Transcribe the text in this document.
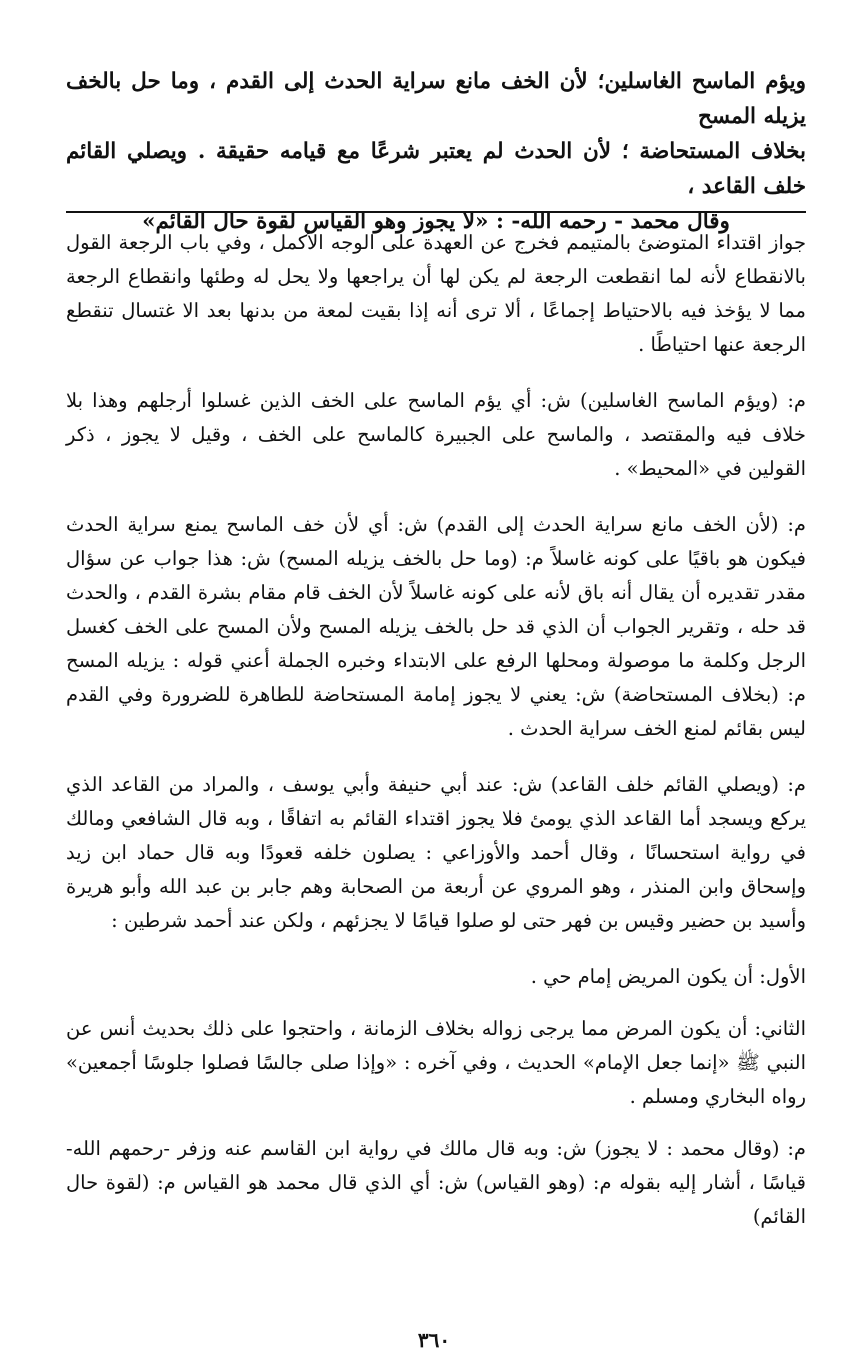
ويؤم الماسح الغاسلين؛ لأن الخف مانع سراية الحدث إلى القدم ، وما حل بالخف يزيله المسح

بخلاف المستحاضة ؛ لأن الحدث لم يعتبر شرعًا مع قيامه حقيقة . ويصلي القائم خلف القاعد ،

وقال محمد - رحمه الله- : «لا يجوز وهو القياس لقوة حال القائم»

جواز اقتداء المتوضئ بالمتيمم فخرج عن العهدة على الوجه الأكمل ، وفي باب الرجعة القول بالانقطاع لأنه لما انقطعت الرجعة لم يكن لها أن يراجعها ولا يحل له وطئها وانقطاع الرجعة مما لا يؤخذ فيه بالاحتياط إجماعًا ، ألا ترى أنه إذا بقيت لمعة من بدنها بعد الا غتسال تنقطع الرجعة عنها احتياطًا .

م: (ويؤم الماسح الغاسلين) ش: أي يؤم الماسح على الخف الذين غسلوا أرجلهم وهذا بلا خلاف فيه والمقتصد ، والماسح على الجبيرة كالماسح على الخف ، وقيل لا يجوز ، ذكر القولين في «المحيط» .

م: (لأن الخف مانع سراية الحدث إلى القدم) ش: أي لأن خف الماسح يمنع سراية الحدث فيكون هو باقيًا على كونه غاسلاً م: (وما حل بالخف يزيله المسح) ش: هذا جواب عن سؤال مقدر تقديره أن يقال أنه باق لأنه على كونه غاسلاً لأن الخف قام مقام بشرة القدم ، والحدث قد حله ، وتقرير الجواب أن الذي قد حل بالخف يزيله المسح ولأن المسح على الخف كغسل الرجل وكلمة ما موصولة ومحلها الرفع على الابتداء وخبره الجملة أعني قوله : يزيله المسح م: (بخلاف المستحاضة) ش: يعني لا يجوز إمامة المستحاضة للطاهرة للضرورة وفي القدم ليس بقائم لمنع الخف سراية الحدث .

م: (ويصلي القائم خلف القاعد) ش: عند أبي حنيفة وأبي يوسف ، والمراد من القاعد الذي يركع ويسجد أما القاعد الذي يومئ فلا يجوز اقتداء القائم به اتفاقًا ، وبه قال الشافعي ومالك في رواية استحسانًا ، وقال أحمد والأوزاعي : يصلون خلفه قعودًا وبه قال حماد ابن زيد وإسحاق وابن المنذر ، وهو المروي عن أربعة من الصحابة وهم جابر بن عبد الله وأبو هريرة وأسيد بن حضير وقيس بن فهر حتى لو صلوا قيامًا لا يجزئهم ، ولكن عند أحمد شرطين :

الأول: أن يكون المريض إمام حي .

الثاني: أن يكون المرض مما يرجى زواله بخلاف الزمانة ، واحتجوا على ذلك بحديث أنس عن النبي ﷺ «إنما جعل الإمام» الحديث ، وفي آخره : «وإذا صلى جالسًا فصلوا جلوسًا أجمعين» رواه البخاري ومسلم .

م: (وقال محمد : لا يجوز) ش: وبه قال مالك في رواية ابن القاسم عنه وزفر -رحمهم الله- قياسًا ، أشار إليه بقوله م: (وهو القياس) ش: أي الذي قال محمد هو القياس م: (لقوة حال القائم)

٣٦٠
